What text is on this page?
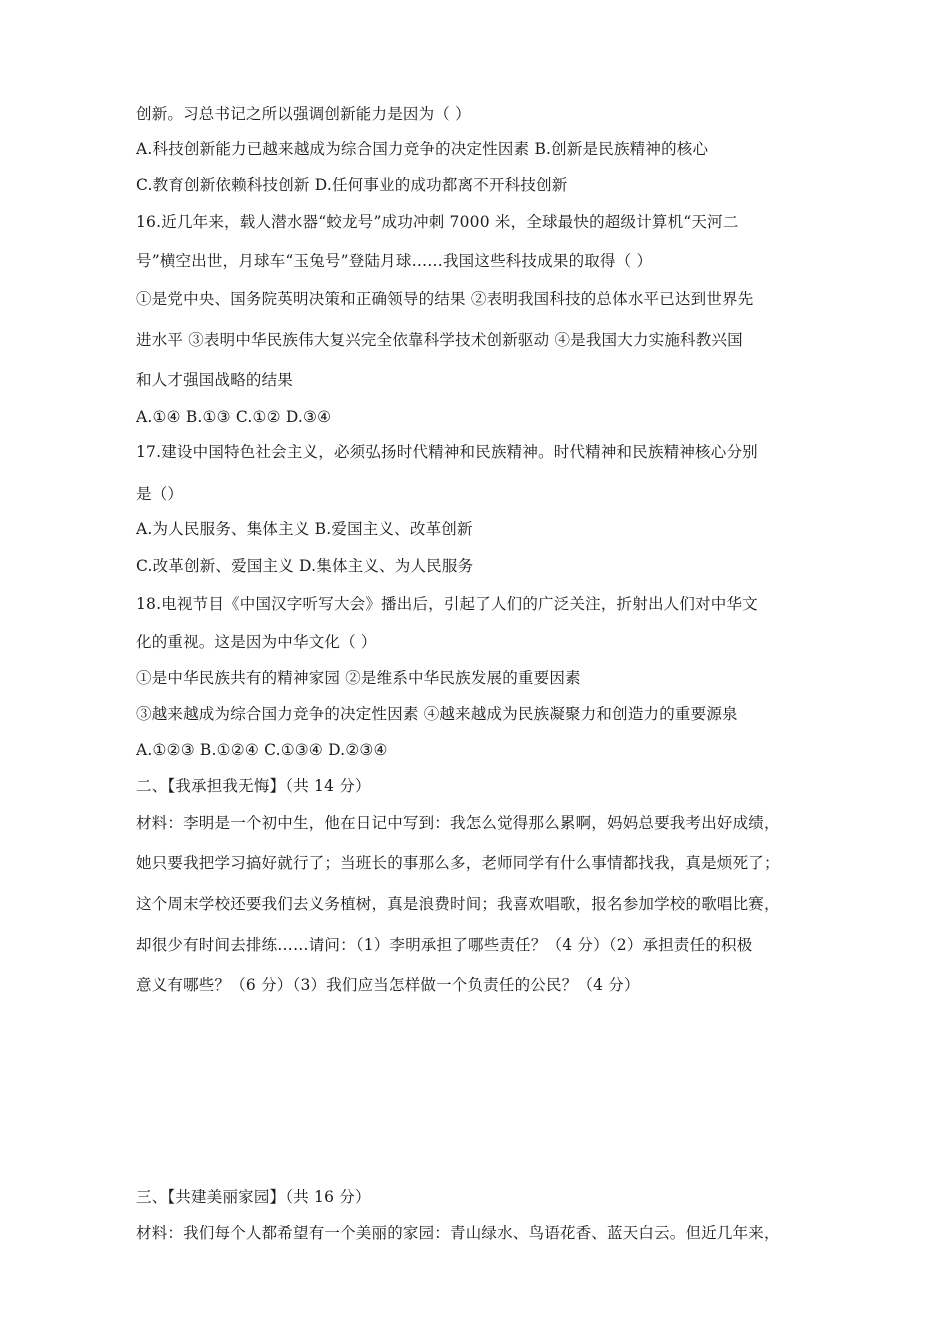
创新。习总书记之所以强调创新能力是因为（ ）
A.科技创新能力已越来越成为综合国力竞争的决定性因素 B.创新是民族精神的核心
C.教育创新依赖科技创新 D.任何事业的成功都离不开科技创新
16.近几年来，载人潜水器“蛟龙号”成功冲刺 7000 米，全球最快的超级计算机“天河二
号”横空出世，月球车“玉兔号”登陆月球……我国这些科技成果的取得（ ）
①是党中央、国务院英明决策和正确领导的结果 ②表明我国科技的总体水平已达到世界先
进水平 ③表明中华民族伟大复兴完全依靠科学技术创新驱动 ④是我国大力实施科教兴国
和人才强国战略的结果
A.①④ B.①③ C.①② D.③④
17.建设中国特色社会主义，必须弘扬时代精神和民族精神。时代精神和民族精神核心分别
是（）
A.为人民服务、集体主义 B.爱国主义、改革创新
C.改革创新、爱国主义 D.集体主义、为人民服务
18.电视节目《中国汉字听写大会》播出后，引起了人们的广泛关注，折射出人们对中华文
化的重视。这是因为中华文化（ ）
①是中华民族共有的精神家园 ②是维系中华民族发展的重要因素
③越来越成为综合国力竞争的决定性因素 ④越来越成为民族凝聚力和创造力的重要源泉
A.①②③ B.①②④ C.①③④ D.②③④
二、【我承担我无悔】（共 14 分）
材料：李明是一个初中生，他在日记中写到：我怎么觉得那么累啊，妈妈总要我考出好成绩，
她只要我把学习搞好就行了；当班长的事那么多，老师同学有什么事情都找我，真是烦死了；
这个周末学校还要我们去义务植树，真是浪费时间；我喜欢唱歌，报名参加学校的歌唱比赛，
却很少有时间去排练……请问：（1）李明承担了哪些责任？（4 分）（2）承担责任的积极
意义有哪些？（6 分）（3）我们应当怎样做一个负责任的公民？（4 分）
三、【共建美丽家园】（共 16 分）
材料：我们每个人都希望有一个美丽的家园：青山绿水、鸟语花香、蓝天白云。但近几年来，
